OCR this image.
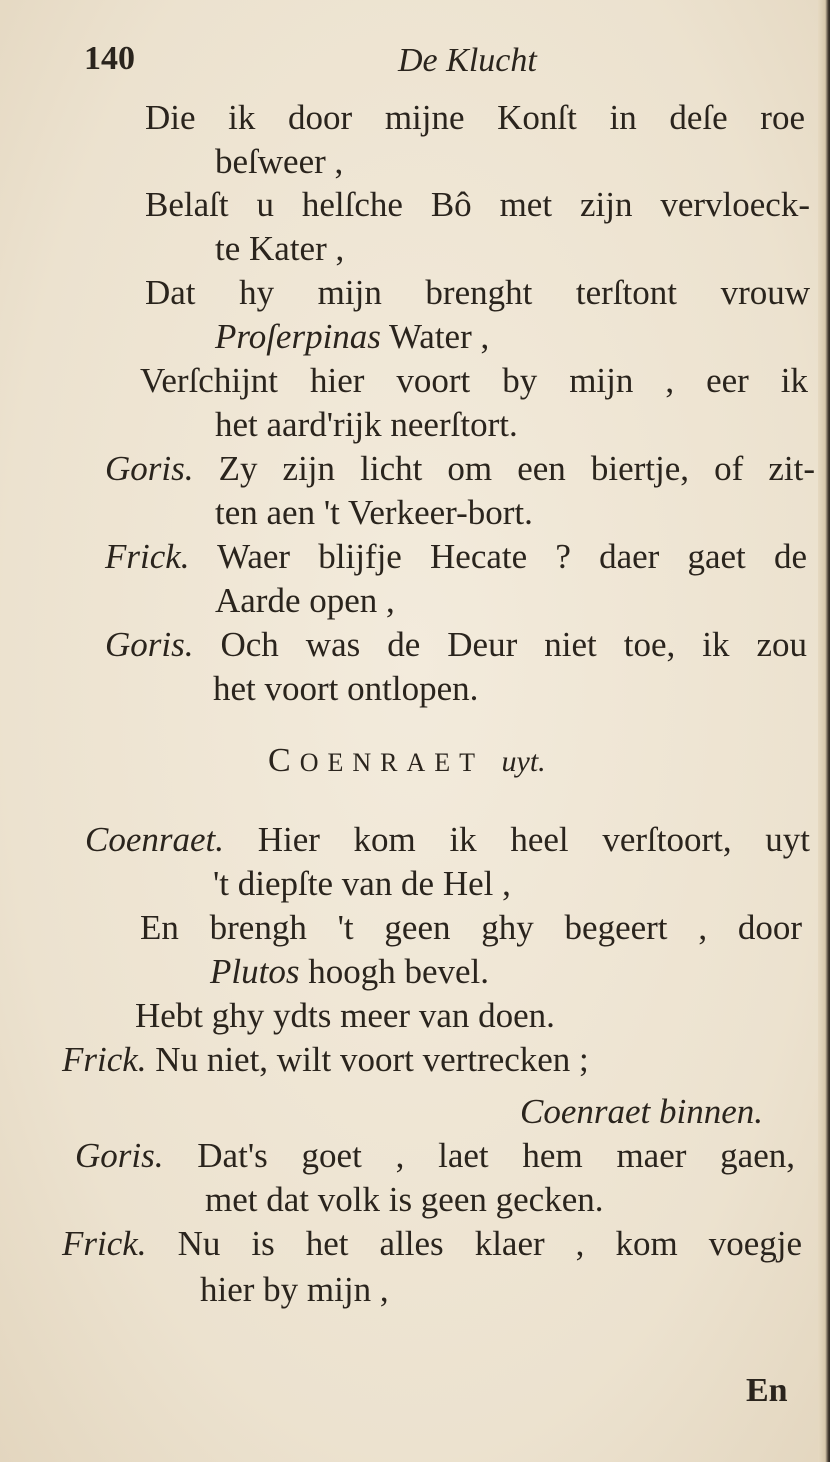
140	De Klucht
Die ik door mijne Konſt in deſe roe
beſweer ,
Belaſt u helſche Bô met zijn vervloeck-
te Kater ,
Dat hy mijn brenght terſtont vrouw
Proſerpinas Water ,
Verſchijnt hier voort by mijn , eer ik
het aard'rijk neerſtort.
Goris. Zy zijn licht om een biertje, of zit-
ten aen 't Verkeer-bort.
Frick. Waer blijfje Hecate ? daer gaet de
Aarde open ,
Goris. Och was de Deur niet toe, ik zou
het voort ontlopen.
COENRAET uyt.
Coenraet. Hier kom ik heel verſtoort, uyt
't diepſte van de Hel ,
En brengh 't geen ghy begeert , door
Plutos hoogh bevel.
Hebt ghy ydts meer van doen.
Frick. Nu niet, wilt voort vertrecken ;
Coenraet binnen.
Goris. Dat's goet , laet hem maer gaen,
met dat volk is geen gecken.
Frick. Nu is het alles klaer , kom voegje
hier by mijn ,
En
